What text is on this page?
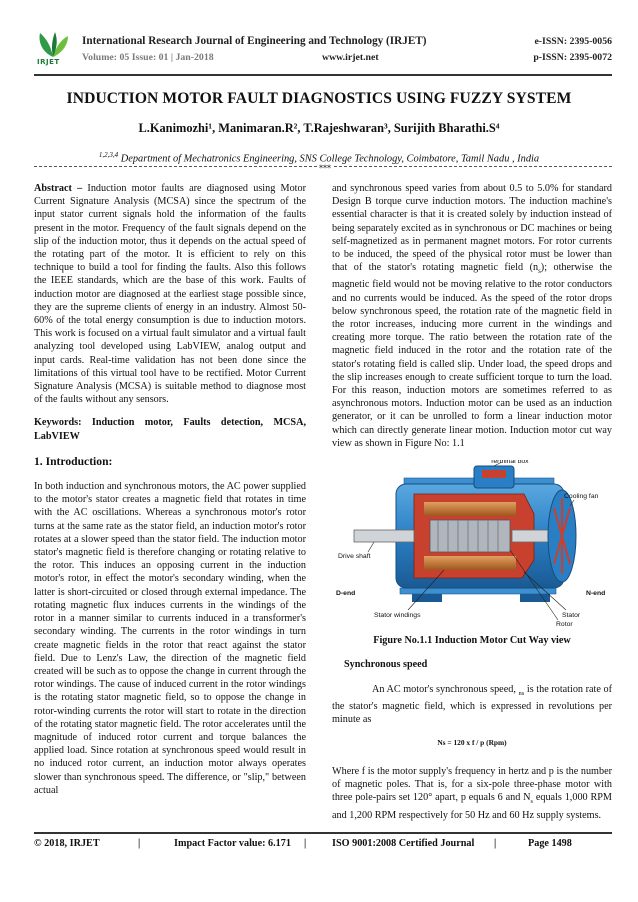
IRJET
International Research Journal of Engineering and Technology (IRJET)	e-ISSN: 2395-0056
Volume: 05 Issue: 01 | Jan-2018	www.irjet.net	p-ISSN: 2395-0072
INDUCTION MOTOR FAULT DIAGNOSTICS USING FUZZY SYSTEM
L.Kanimozhi¹, Manimaran.R², T.Rajeshwaran³, Surijith Bharathi.S⁴
$^{1,2,3,4}$ Department of Mechatronics Engineering, SNS College Technology, Coimbatore, Tamil Nadu , India
***

Abstract – Induction motor faults are diagnosed using Motor Current Signature Analysis (MCSA) since the spectrum of the input stator current signals hold the information of the faults present in the motor. Frequency of the fault signals depend on the slip of the induction motor, thus it depends on the actual speed of the rotating part of the motor. It is efficient to rely on this technique to build a tool for finding the faults. Also this follows the IEEE standards, which are the base of this work. Faults of induction motor are diagnosed at the earliest stage possible since, they are the supreme clients of energy in an industry. Almost 50-60% of the total energy consumption is due to induction motors. This work is focused on a virtual fault simulator and a virtual fault analyzing tool developed using LabVIEW, analog output and input cards. Real-time validation has not been done since the limitations of this virtual tool have to be rectified. Motor Current Signature Analysis (MCSA) is suitable method to diagnose most of the faults without any sensors.

Keywords: Induction motor, Faults detection, MCSA, LabVIEW

1. Introduction:

In both induction and synchronous motors, the AC power supplied to the motor's stator creates a magnetic field that rotates in time with the AC oscillations. Whereas a synchronous motor's rotor turns at the same rate as the stator field, an induction motor's rotor rotates at a slower speed than the stator field. The induction motor stator's magnetic field is therefore changing or rotating relative to the rotor. This induces an opposing current in the induction motor's rotor, in effect the motor's secondary winding, when the latter is short-circuited or closed through external impedance. The rotating magnetic flux induces currents in the windings of the rotor in a manner similar to currents induced in a transformer's secondary winding. The currents in the rotor windings in turn create magnetic fields in the rotor that react against the stator field. Due to Lenz's Law, the direction of the magnetic field created will be such as to oppose the change in current through the rotor windings. The cause of induced current in the rotor windings is the rotating stator magnetic field, so to oppose the change in rotor-winding currents the rotor will start to rotate in the direction of the rotating stator magnetic field. The rotor accelerates until the magnitude of induced rotor current and torque balances the applied load. Since rotation at synchronous speed would result in no induced rotor current, an induction motor always operates slower than synchronous speed. The difference, or "slip," between actual

and synchronous speed varies from about 0.5 to 5.0% for standard Design B torque curve induction motors. The induction machine's essential character is that it is created solely by induction instead of being separately excited as in synchronous or DC machines or being self-magnetized as in permanent magnet motors. For rotor currents to be induced, the speed of the physical rotor must be lower than that of the stator's rotating magnetic field $(n_s)$; otherwise the magnetic field would not be moving relative to the rotor conductors and no currents would be induced. As the speed of the rotor drops below synchronous speed, the rotation rate of the magnetic field in the rotor increases, inducing more current in the windings and creating more torque. The ratio between the rotation rate of the magnetic field induced in the rotor and the rotation rate of the stator's rotating field is called slip. Under load, the speed drops and the slip increases enough to create sufficient torque to turn the load. For this reason, induction motors are sometimes referred to as asynchronous motors. Induction motor can be used as an induction generator, or it can be unrolled to form a linear induction motor which can directly generate linear motion. Induction motor cut way view as shown in Figure No: 1.1

Terminal box
Cooling fan
Drive shaft
D-end	N-end
Stator windings	Stator
Rotor
Figure No.1.1 Induction Motor Cut Way view
Synchronous speed
An AC motor's synchronous speed, $_{ns}$ is the rotation rate of the stator's magnetic field, which is expressed in revolutions per minute as
Ns = 120 x f / p (Rpm)
Where f is the motor supply's frequency in hertz and p is the number of magnetic poles. That is, for a six-pole three-phase motor with three pole-pairs set 120° apart, p equals 6 and $N_s$ equals 1,000 RPM and 1,200 RPM respectively for 50 Hz and 60 Hz supply systems.
© 2018, IRJET	|	Impact Factor value: 6.171 |	ISO 9001:2008 Certified Journal |	Page 1498
